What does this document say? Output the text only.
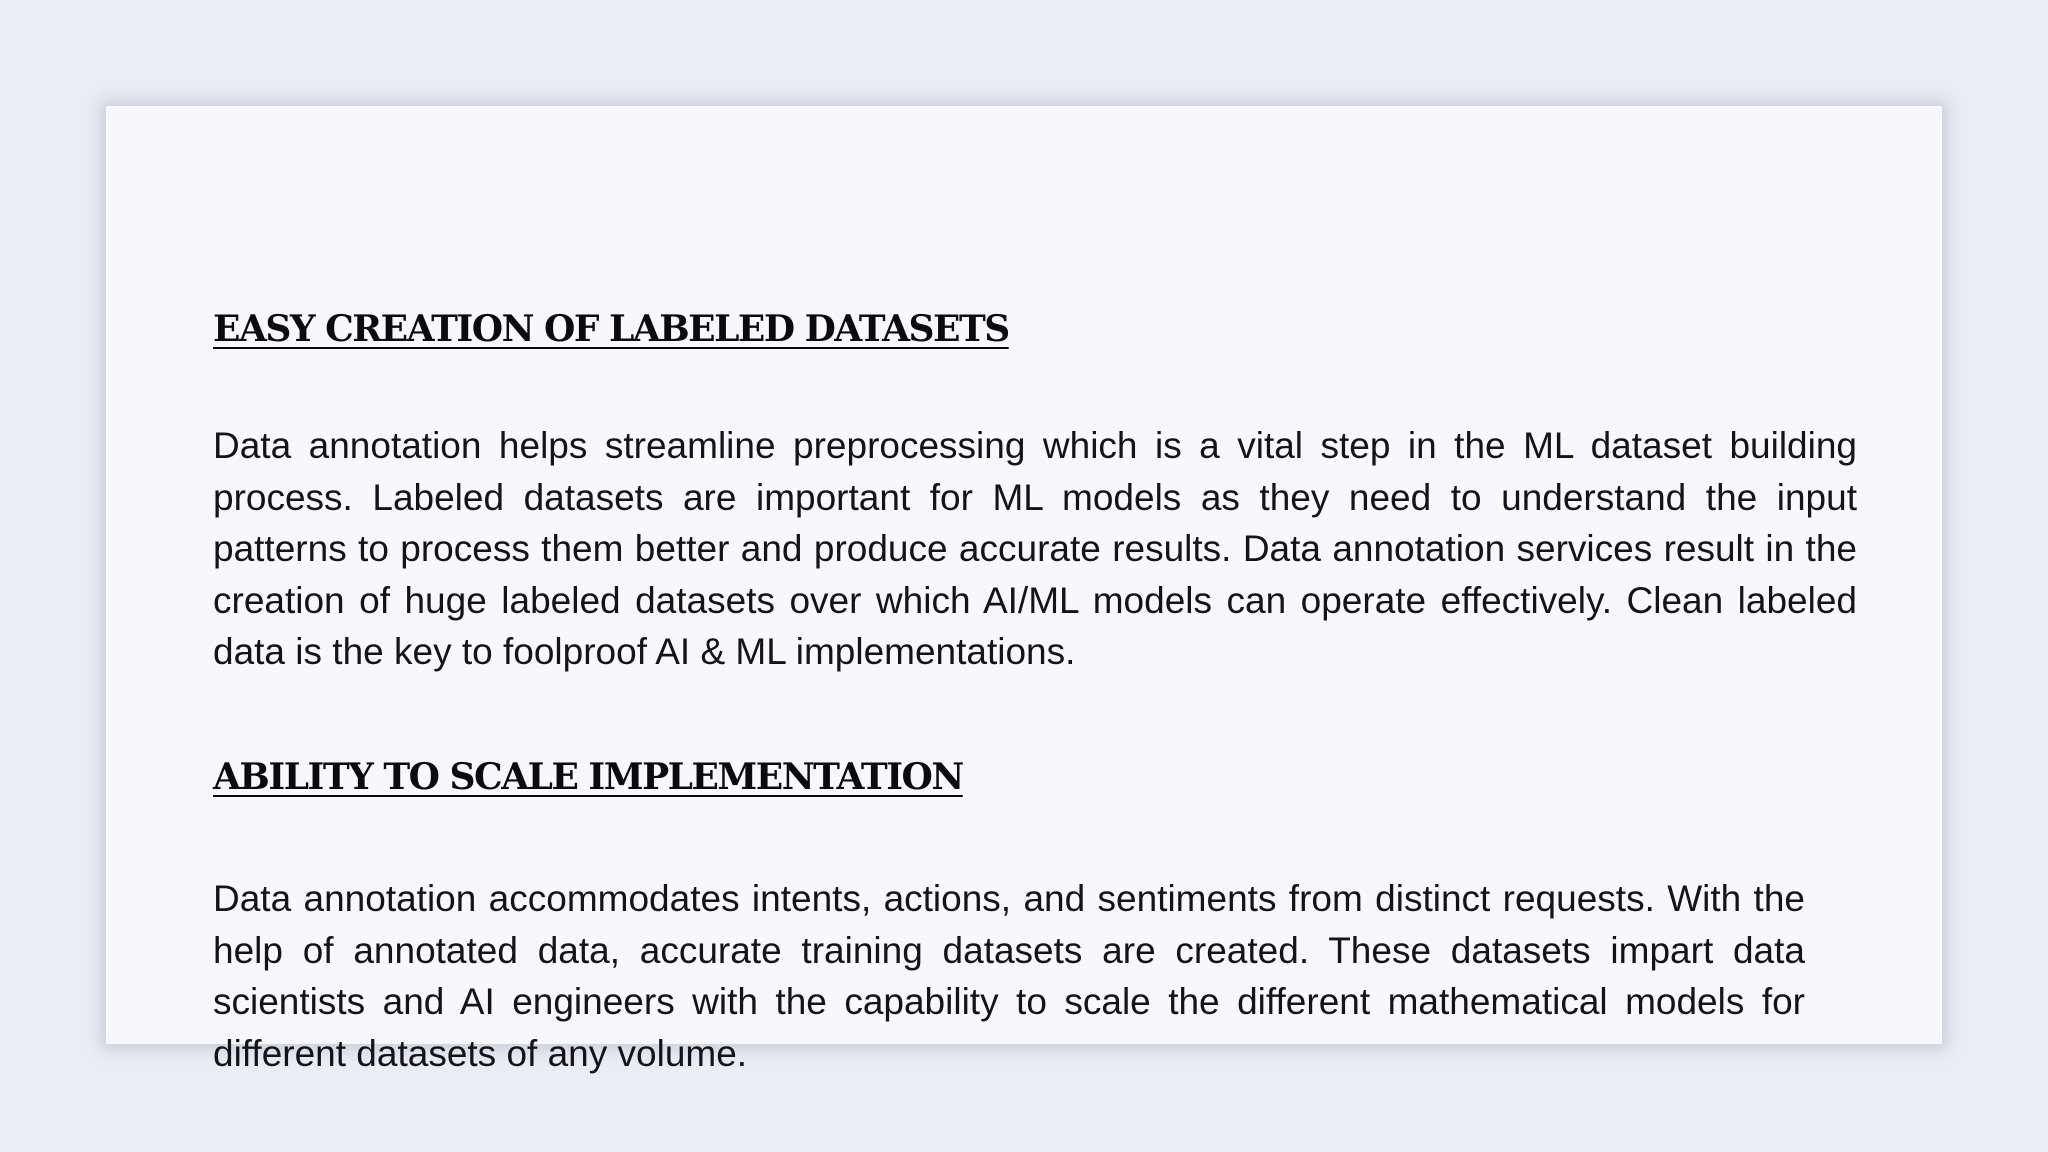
EASY CREATION OF LABELED DATASETS

Data annotation helps streamline preprocessing which is a vital step in the ML dataset building process. Labeled datasets are important for ML models as they need to understand the input patterns to process them better and produce accurate results. Data annotation services result in the creation of huge labeled datasets over which AI/ML models can operate effectively. Clean labeled data is the key to foolproof AI & ML implementations.

ABILITY TO SCALE IMPLEMENTATION

Data annotation accommodates intents, actions, and sentiments from distinct requests. With the help of annotated data, accurate training datasets are created. These datasets impart data scientists and AI engineers with the capability to scale the different mathematical models for different datasets of any volume.
